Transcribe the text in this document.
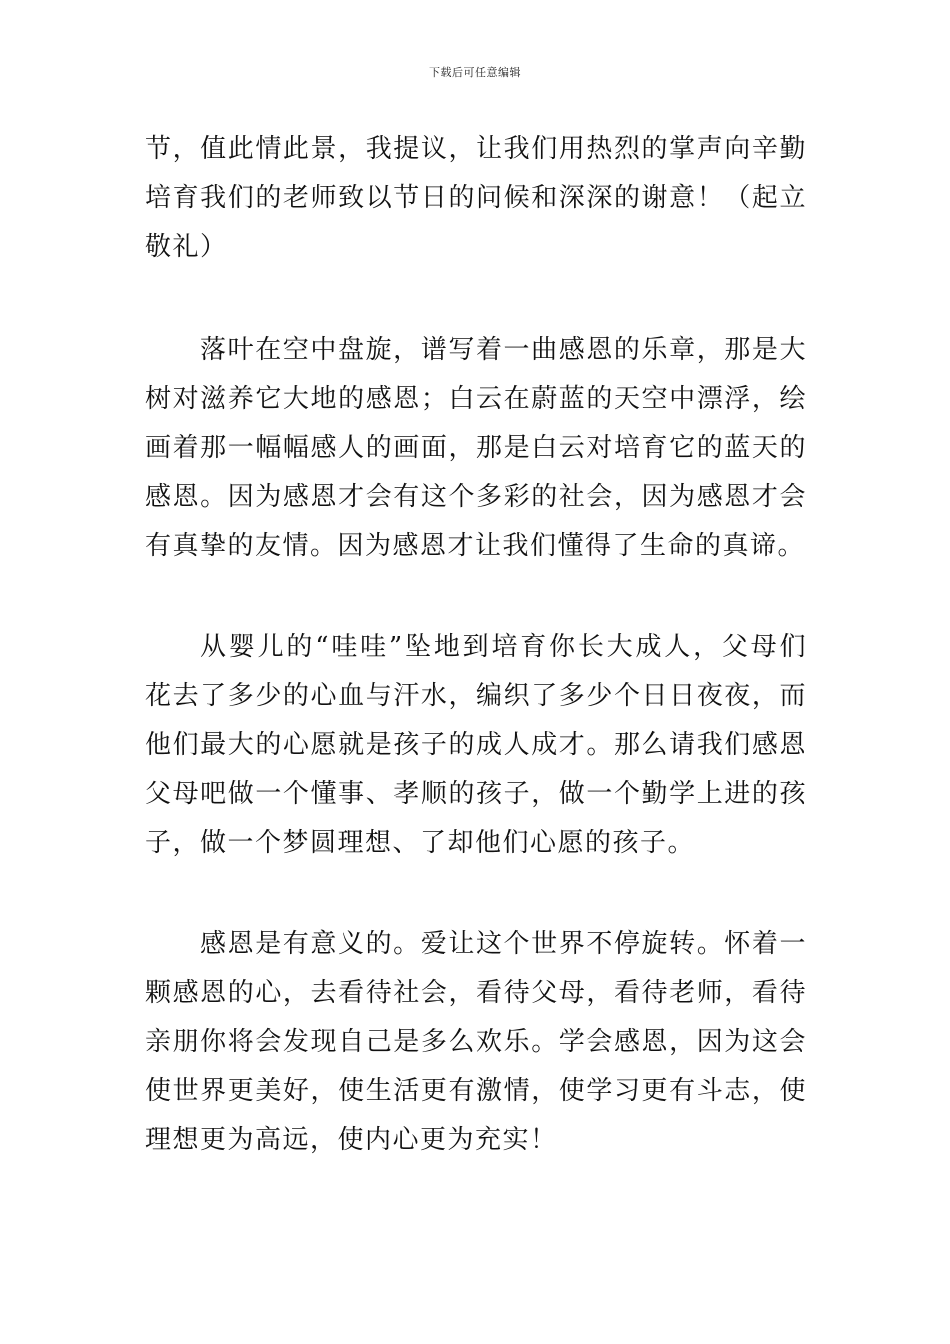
下载后可任意编辑

节，值此情此景，我提议，让我们用热烈的掌声向辛勤培育我们的老师致以节日的问候和深深的谢意！（起立敬礼）

落叶在空中盘旋，谱写着一曲感恩的乐章，那是大树对滋养它大地的感恩；白云在蔚蓝的天空中漂浮，绘画着那一幅幅感人的画面，那是白云对培育它的蓝天的感恩。因为感恩才会有这个多彩的社会，因为感恩才会有真挚的友情。因为感恩才让我们懂得了生命的真谛。

从婴儿的“哇哇”坠地到培育你长大成人，父母们花去了多少的心血与汗水，编织了多少个日日夜夜，而他们最大的心愿就是孩子的成人成才。那么请我们感恩父母吧做一个懂事、孝顺的孩子，做一个勤学上进的孩子，做一个梦圆理想、了却他们心愿的孩子。

感恩是有意义的。爱让这个世界不停旋转。怀着一颗感恩的心，去看待社会，看待父母，看待老师，看待亲朋你将会发现自己是多么欢乐。学会感恩，因为这会使世界更美好，使生活更有激情，使学习更有斗志，使理想更为高远，使内心更为充实！
